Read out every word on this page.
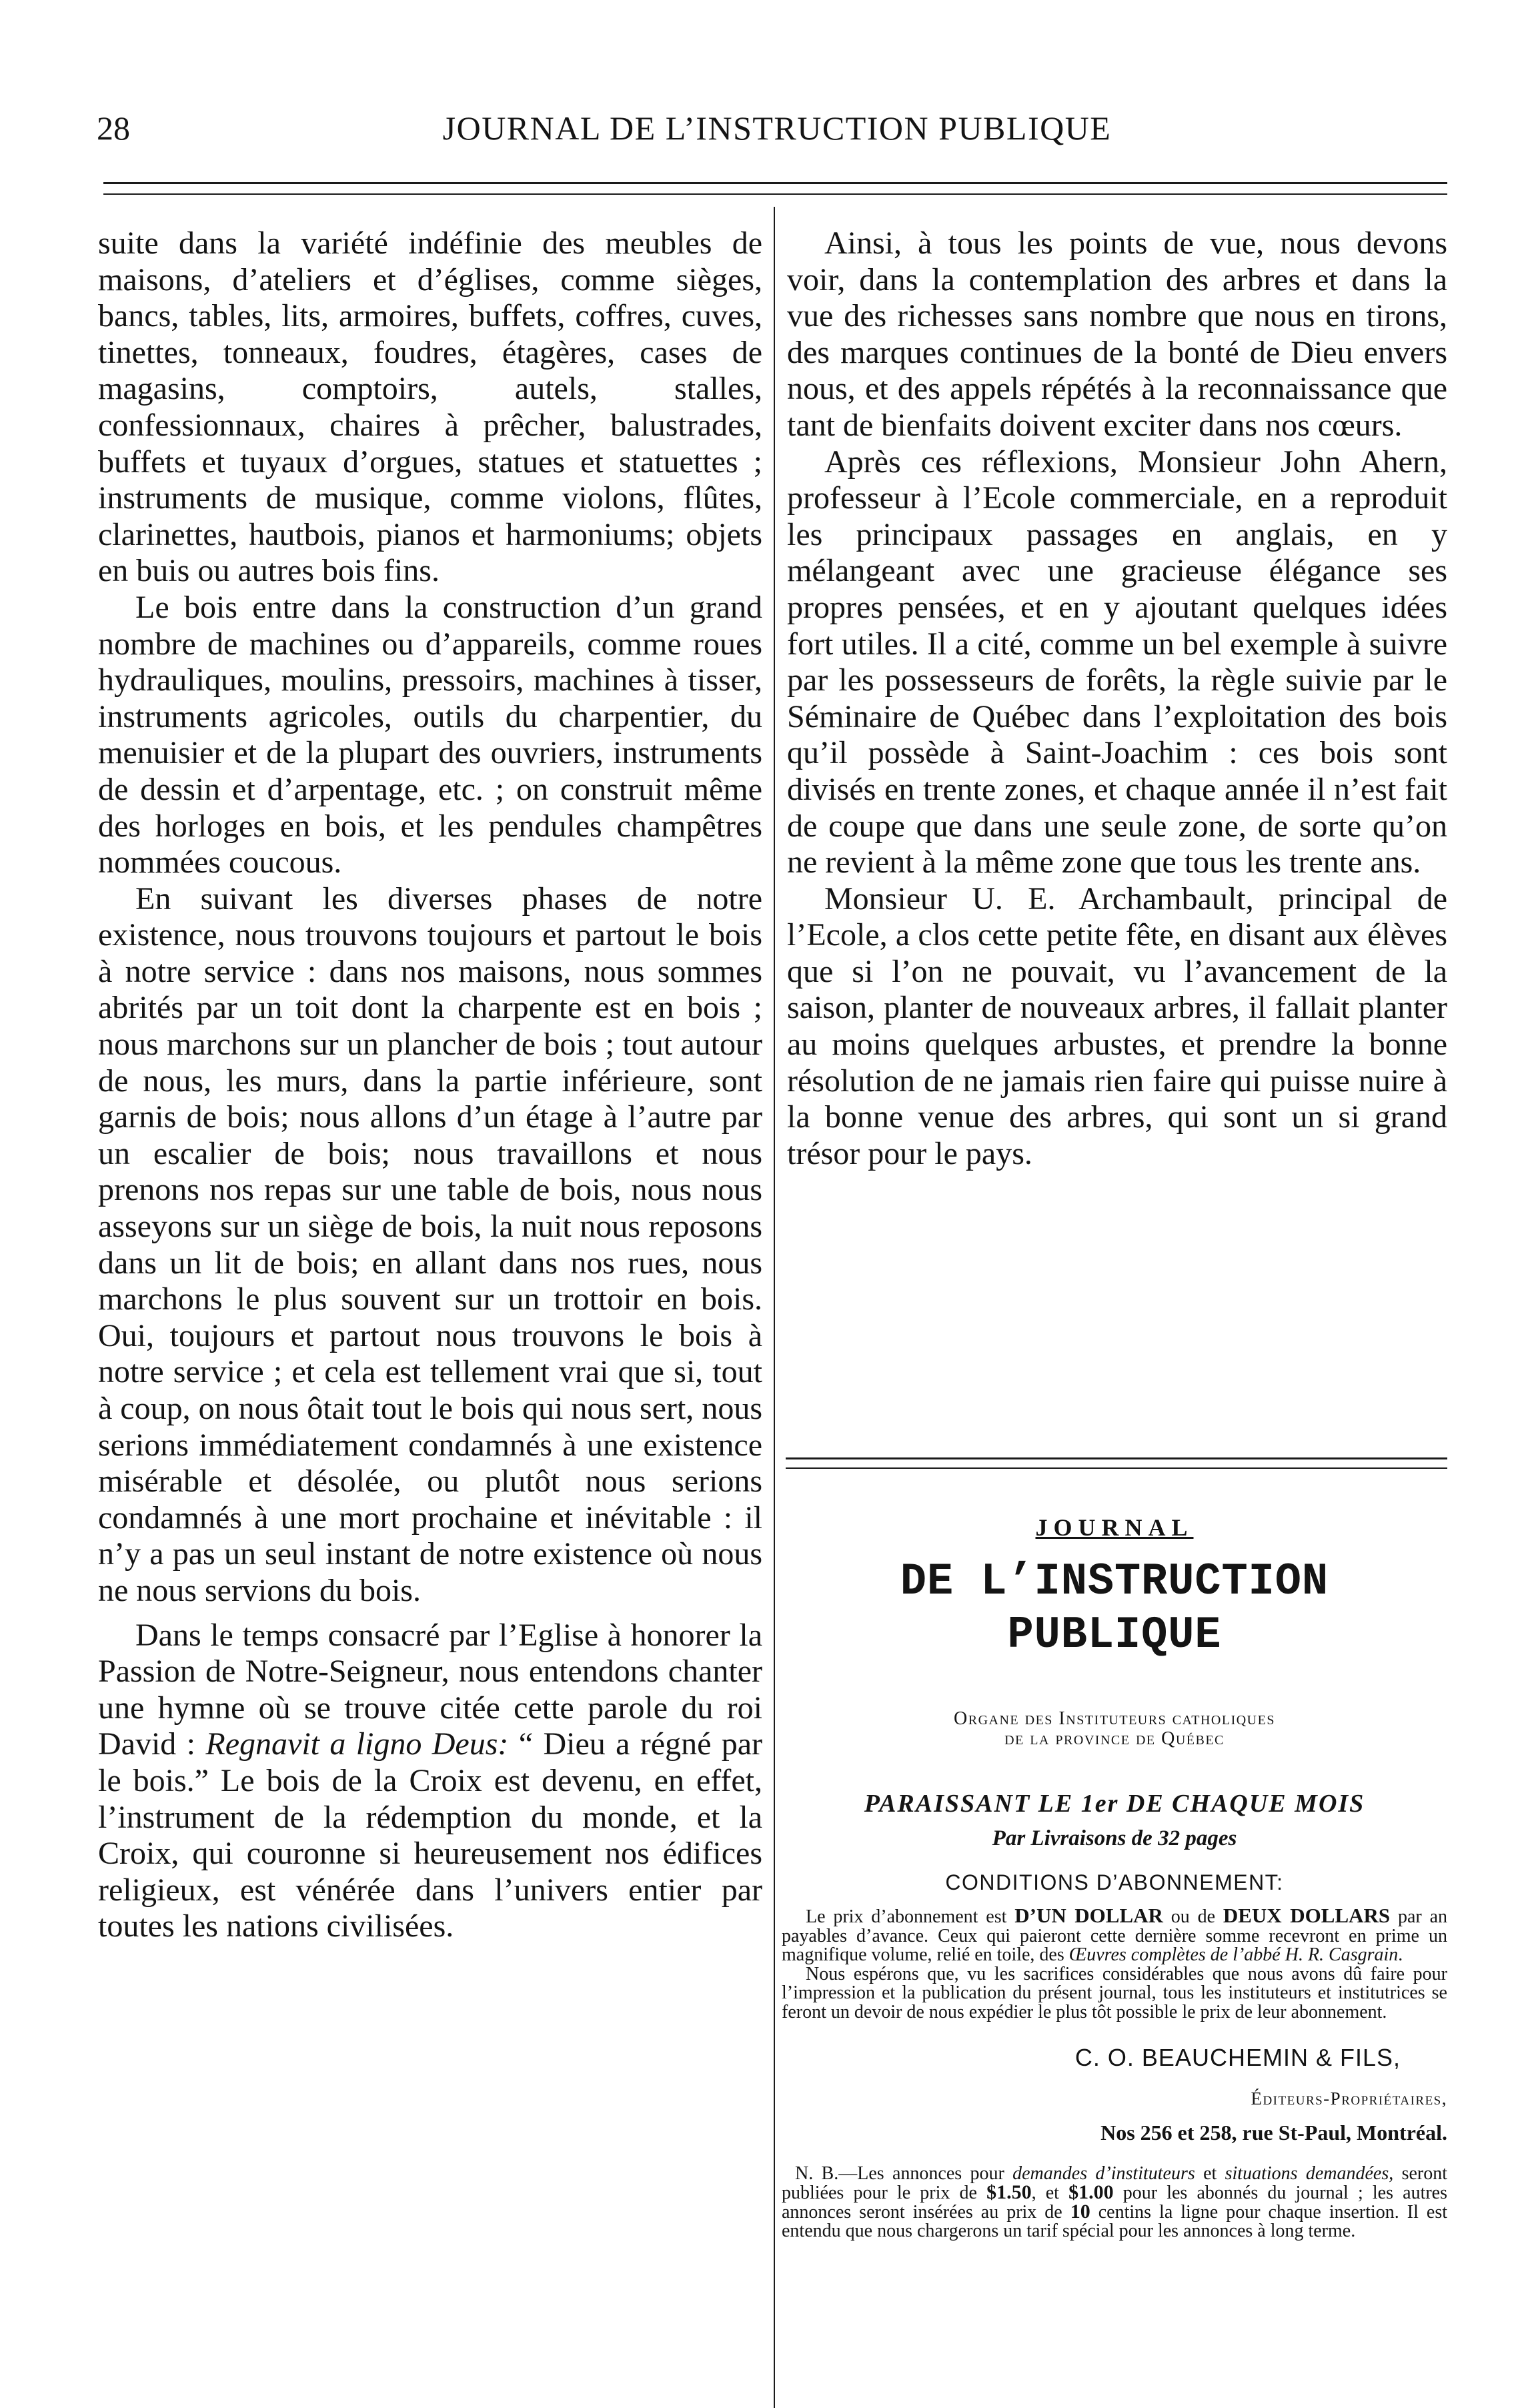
28	JOURNAL DE L’INSTRUCTION PUBLIQUE

suite dans la variété indéfinie des meubles de maisons, d’ateliers et d’églises, comme sièges, bancs, tables, lits, armoires, buffets, coffres, cuves, tinettes, tonneaux, foudres, étagères, cases de magasins, comptoirs, autels, stalles, confessionnaux, chaires à prêcher, balustrades, buffets et tuyaux d’orgues, statues et statuettes ; instruments de musique, comme violons, flûtes, clarinettes, hautbois, pianos et harmoniums; objets en buis ou autres bois fins.

Le bois entre dans la construction d’un grand nombre de machines ou d’appareils, comme roues hydrauliques, moulins, pressoirs, machines à tisser, instruments agricoles, outils du charpentier, du menuisier et de la plupart des ouvriers, instruments de dessin et d’arpentage, etc. ; on construit même des horloges en bois, et les pendules champêtres nommées coucous.

En suivant les diverses phases de notre existence, nous trouvons toujours et partout le bois à notre service : dans nos maisons, nous sommes abrités par un toit dont la charpente est en bois ; nous marchons sur un plancher de bois ; tout autour de nous, les murs, dans la partie inférieure, sont garnis de bois; nous allons d’un étage à l’autre par un escalier de bois; nous travaillons et nous prenons nos repas sur une table de bois, nous nous asseyons sur un siège de bois, la nuit nous reposons dans un lit de bois; en allant dans nos rues, nous marchons le plus souvent sur un trottoir en bois. Oui, toujours et partout nous trouvons le bois à notre service ; et cela est tellement vrai que si, tout à coup, on nous ôtait tout le bois qui nous sert, nous serions immédiatement condamnés à une existence misérable et désolée, ou plutôt nous serions condamnés à une mort prochaine et inévitable : il n’y a pas un seul instant de notre existence où nous ne nous servions du bois.

Dans le temps consacré par l’Eglise à honorer la Passion de Notre-Seigneur, nous entendons chanter une hymne où se trouve citée cette parole du roi David : Regnavit a ligno Deus: “ Dieu a régné par le bois.” Le bois de la Croix est devenu, en effet, l’instrument de la rédemption du monde, et la Croix, qui couronne si heureusement nos édifices religieux, est vénérée dans l’univers entier par toutes les nations civilisées.

Ainsi, à tous les points de vue, nous devons voir, dans la contemplation des arbres et dans la vue des richesses sans nombre que nous en tirons, des marques continues de la bonté de Dieu envers nous, et des appels répétés à la reconnaissance que tant de bienfaits doivent exciter dans nos cœurs.

Après ces réflexions, Monsieur John Ahern, professeur à l’Ecole commerciale, en a reproduit les principaux passages en anglais, en y mélangeant avec une gracieuse élégance ses propres pensées, et en y ajoutant quelques idées fort utiles. Il a cité, comme un bel exemple à suivre par les possesseurs de forêts, la règle suivie par le Séminaire de Québec dans l’exploitation des bois qu’il possède à Saint-Joachim : ces bois sont divisés en trente zones, et chaque année il n’est fait de coupe que dans une seule zone, de sorte qu’on ne revient à la même zone que tous les trente ans.

Monsieur U. E. Archambault, principal de l’Ecole, a clos cette petite fête, en disant aux élèves que si l’on ne pouvait, vu l’avancement de la saison, planter de nouveaux arbres, il fallait planter au moins quelques arbustes, et prendre la bonne résolution de ne jamais rien faire qui puisse nuire à la bonne venue des arbres, qui sont un si grand trésor pour le pays.

JOURNAL
DE L’INSTRUCTION PUBLIQUE
Organe des Instituteurs catholiques
de la province de Québec
PARAISSANT LE 1er DE CHAQUE MOIS
Par Livraisons de 32 pages
CONDITIONS D’ABONNEMENT:

Le prix d’abonnement est D’UN DOLLAR ou de DEUX DOLLARS par an payables d’avance. Ceux qui paieront cette dernière somme recevront en prime un magnifique volume, relié en toile, des Œuvres complètes de l’abbé H. R. Casgrain.

Nous espérons que, vu les sacrifices considérables que nous avons dû faire pour l’impression et la publication du présent journal, tous les instituteurs et institutrices se feront un devoir de nous expédier le plus tôt possible le prix de leur abonnement.

C. O. BEAUCHEMIN & FILS,
Éditeurs-Propriétaires,
Nos 256 et 258, rue St-Paul, Montréal.

N. B.—Les annonces pour demandes d’instituteurs et situations demandées, seront publiées pour le prix de $1.50, et $1.00 pour les abonnés du journal ; les autres annonces seront insérées au prix de 10 centins la ligne pour chaque insertion. Il est entendu que nous chargerons un tarif spécial pour les annonces à long terme.
